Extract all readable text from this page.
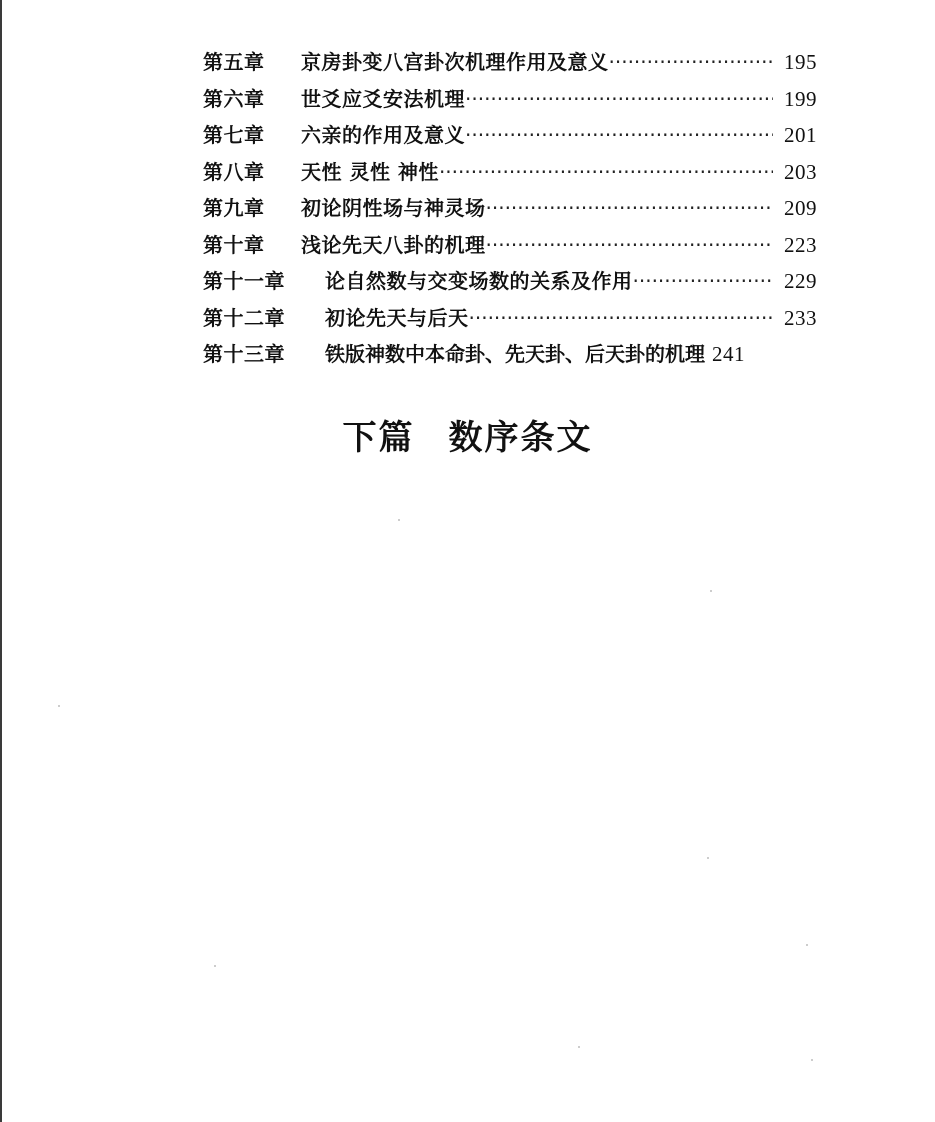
第五章	京房卦变八宫卦次机理作用及意义 ·····	195
第六章	世爻应爻安法机理 ·····	199
第七章	六亲的作用及意义 ·····	201
第八章	天性 灵性 神性 ·····	203
第九章	初论阴性场与神灵场 ·····	209
第十章	浅论先天八卦的机理 ·····	223
第十一章	论自然数与交变场数的关系及作用 ·····	229
第十二章	初论先天与后天 ·····	233
第十三章	铁版神数中本命卦、先天卦、后天卦的机理 241
下篇 数序条文
